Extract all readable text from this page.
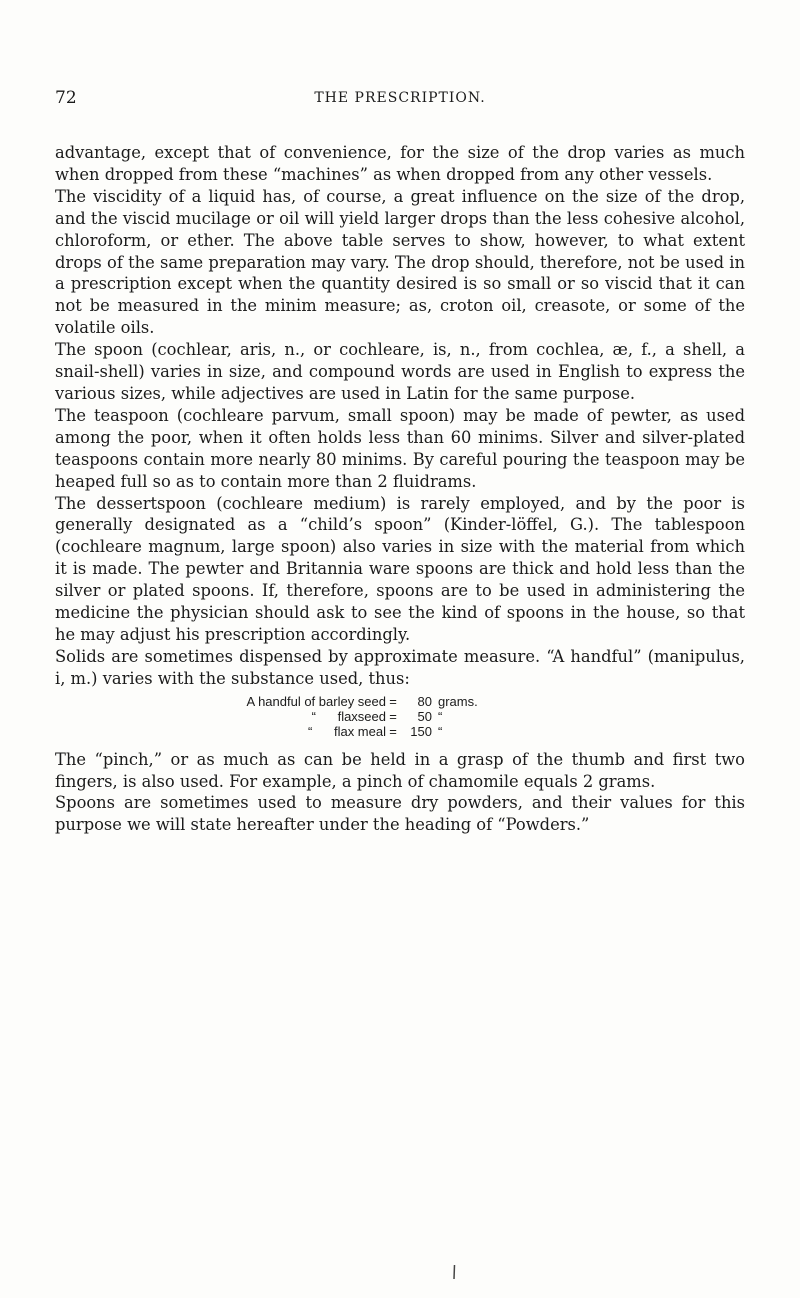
72	THE PRESCRIPTION.

advantage, except that of convenience, for the size of the drop varies as much when dropped from these “machines” as when dropped from any other vessels.

The viscidity of a liquid has, of course, a great influence on the size of the drop, and the viscid mucilage or oil will yield larger drops than the less cohesive alcohol, chloroform, or ether. The above table serves to show, however, to what extent drops of the same preparation may vary. The drop should, therefore, not be used in a prescription except when the quantity desired is so small or so viscid that it can not be measured in the minim measure; as, croton oil, creasote, or some of the volatile oils.

The spoon (cochlear, aris, n., or cochleare, is, n., from cochlea, æ, f., a shell, a snail-shell) varies in size, and compound words are used in English to express the various sizes, while adjectives are used in Latin for the same purpose.

The teaspoon (cochleare parvum, small spoon) may be made of pewter, as used among the poor, when it often holds less than 60 minims. Silver and silver-plated teaspoons contain more nearly 80 minims. By careful pouring the teaspoon may be heaped full so as to contain more than 2 fluidrams.

The dessertspoon (cochleare medium) is rarely employed, and by the poor is generally designated as a “child’s spoon” (Kinder-löffel, G.). The tablespoon (cochleare magnum, large spoon) also varies in size with the material from which it is made. The pewter and Britannia ware spoons are thick and hold less than the silver or plated spoons. If, therefore, spoons are to be used in administering the medicine the physician should ask to see the kind of spoons in the house, so that he may adjust his prescription accordingly.

Solids are sometimes dispensed by approximate measure. “A handful” (manipulus, i, m.) varies with the substance used, thus:

A handful of barley seed =	80 grams.
“      flaxseed =	50 “
“      flax meal =	150 “

The “pinch,” or as much as can be held in a grasp of the thumb and first two fingers, is also used. For example, a pinch of chamomile equals 2 grams.

Spoons are sometimes used to measure dry powders, and their values for this purpose we will state hereafter under the heading of “Powders.”
